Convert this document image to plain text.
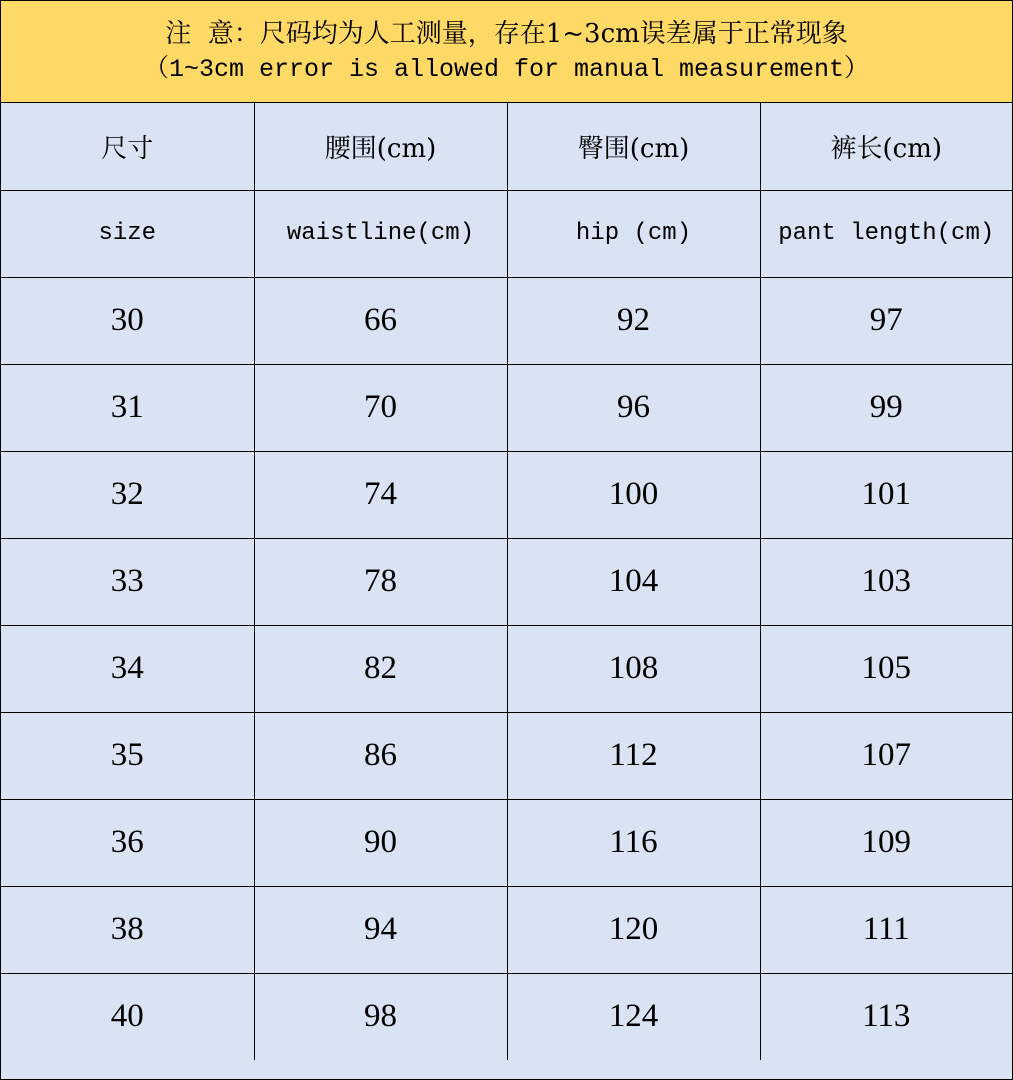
注  意：尺码均为人工测量，存在1~3cm误差属于正常现象
（1~3cm error is allowed for manual measurement）
尺寸	腰围(cm)	臀围(cm)	裤长(cm)
size	waistline(cm)	hip (cm)	pant length(cm)
30	66	92	97
31	70	96	99
32	74	100	101
33	78	104	103
34	82	108	105
35	86	112	107
36	90	116	109
38	94	120	111
40	98	124	113
